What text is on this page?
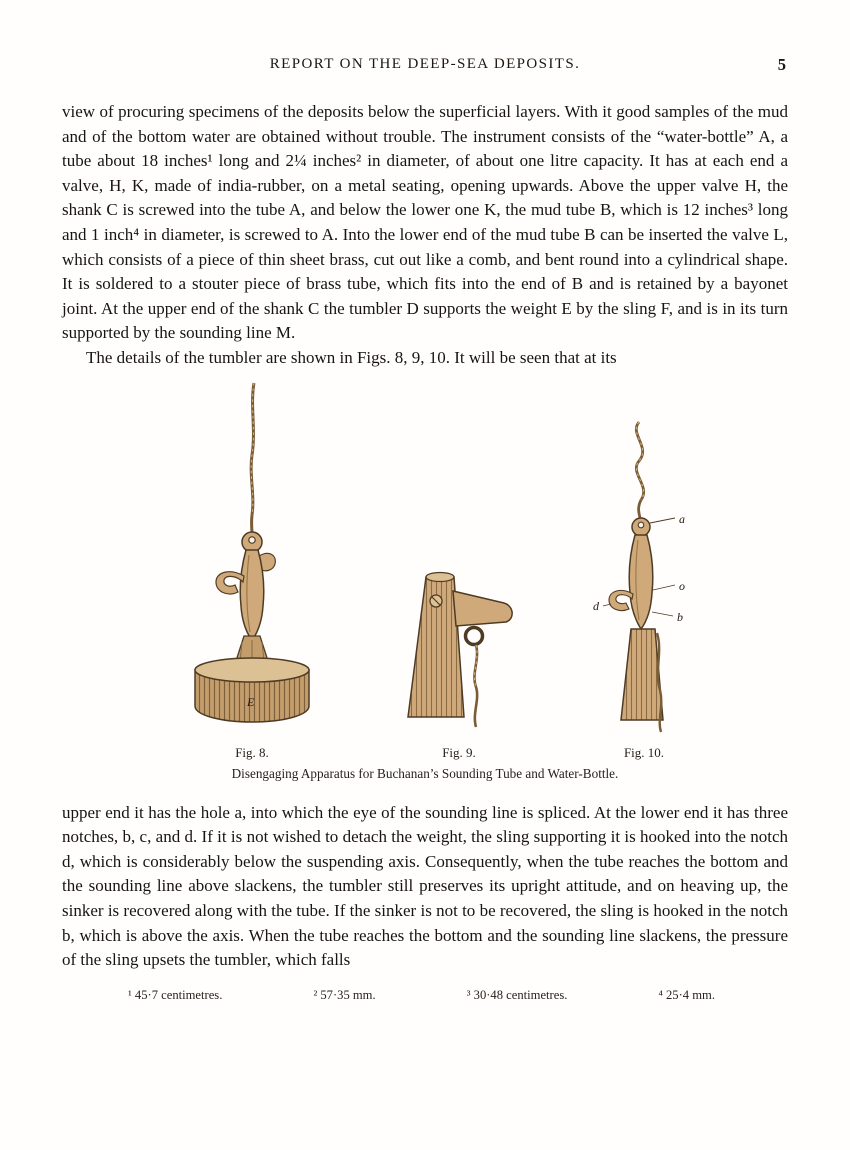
REPORT ON THE DEEP-SEA DEPOSITS.	5

view of procuring specimens of the deposits below the superficial layers. With it good samples of the mud and of the bottom water are obtained without trouble. The instrument consists of the “water-bottle” A, a tube about 18 inches¹ long and 2¼ inches² in diameter, of about one litre capacity. It has at each end a valve, H, K, made of india-rubber, on a metal seating, opening upwards. Above the upper valve H, the shank C is screwed into the tube A, and below the lower one K, the mud tube B, which is 12 inches³ long and 1 inch⁴ in diameter, is screwed to A. Into the lower end of the mud tube B can be inserted the valve L, which consists of a piece of thin sheet brass, cut out like a comb, and bent round into a cylindrical shape. It is soldered to a stouter piece of brass tube, which fits into the end of B and is retained by a bayonet joint. At the upper end of the shank C the tumbler D supports the weight E by the sling F, and is in its turn supported by the sounding line M.

The details of the tumbler are shown in Figs. 8, 9, 10. It will be seen that at its

E
Fig. 8.	Fig. 9.
a
d
o
b
Fig. 10.
Disengaging Apparatus for Buchanan’s Sounding Tube and Water-Bottle.

upper end it has the hole a, into which the eye of the sounding line is spliced. At the lower end it has three notches, b, c, and d. If it is not wished to detach the weight, the sling supporting it is hooked into the notch d, which is considerably below the suspending axis. Consequently, when the tube reaches the bottom and the sounding line above slackens, the tumbler still preserves its upright attitude, and on heaving up, the sinker is recovered along with the tube. If the sinker is not to be recovered, the sling is hooked in the notch b, which is above the axis. When the tube reaches the bottom and the sounding line slackens, the pressure of the sling upsets the tumbler, which falls

¹ 45·7 centimetres.	² 57·35 mm.	³ 30·48 centimetres.	⁴ 25·4 mm.
